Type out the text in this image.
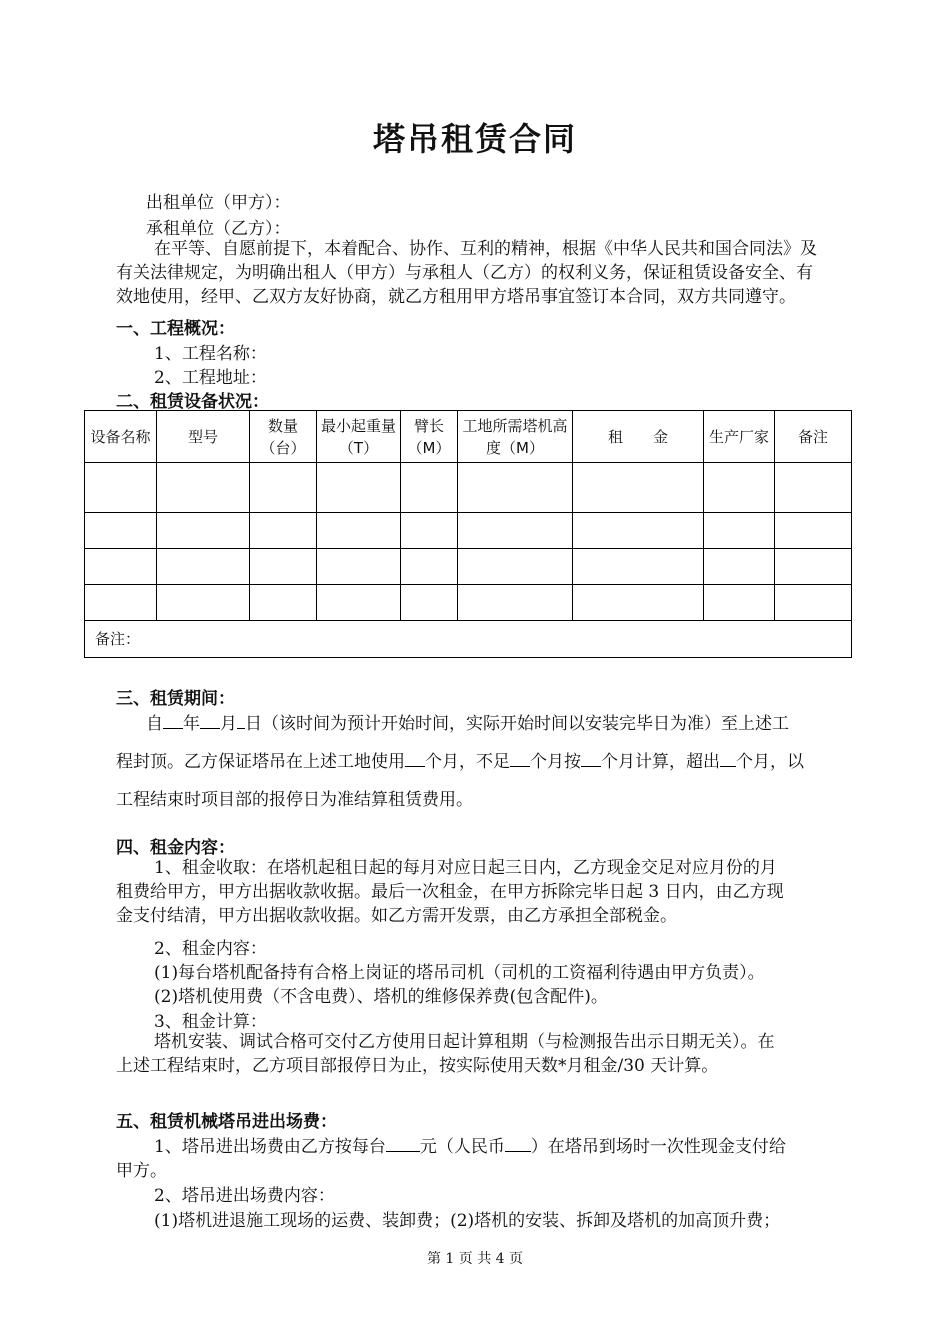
塔吊租赁合同
出租单位（甲方）：
承租单位（乙方）：
在平等、自愿前提下，本着配合、协作、互利的精神，根据《中华人民共和国合同法》及
有关法律规定，为明确出租人（甲方）与承租人（乙方）的权利义务，保证租赁设备安全、有
效地使用，经甲、乙双方友好协商，就乙方租用甲方塔吊事宜签订本合同，双方共同遵守。
一、工程概况：
1、工程名称：
2、工程地址：
二、租赁设备状况：
设备名称	型号	数量（台）	最小起重量（T）	臂长（M）	工地所需塔机高度（M）	租　　金	生产厂家	备注

备注：								
三、租赁期间：
自 年 月 日（该时间为预计开始时间，实际开始时间以安装完毕日为准）至上述工
程封顶。乙方保证塔吊在上述工地使用 个月，不足 个月按 个月计算，超出 个月，以
工程结束时项目部的报停日为准结算租赁费用。
四、租金内容：
1、租金收取：在塔机起租日起的每月对应日起三日内，乙方现金交足对应月份的月
租费给甲方，甲方出据收款收据。最后一次租金，在甲方拆除完毕日起 3 日内，由乙方现
金支付结清，甲方出据收款收据。如乙方需开发票，由乙方承担全部税金。
2、租金内容：
(1)每台塔机配备持有合格上岗证的塔吊司机（司机的工资福利待遇由甲方负责）。
(2)塔机使用费（不含电费）、塔机的维修保养费(包含配件)。
3、租金计算：
塔机安装、调试合格可交付乙方使用日起计算租期（与检测报告出示日期无关）。在
上述工程结束时，乙方项目部报停日为止，按实际使用天数*月租金/30 天计算。
五、租赁机械塔吊进出场费：
1、塔吊进出场费由乙方按每台 元（人民币 ）在塔吊到场时一次性现金支付给
甲方。
2、塔吊进出场费内容：
(1)塔机进退施工现场的运费、装卸费；(2)塔机的安装、拆卸及塔机的加高顶升费；
第 1 页 共 4 页
